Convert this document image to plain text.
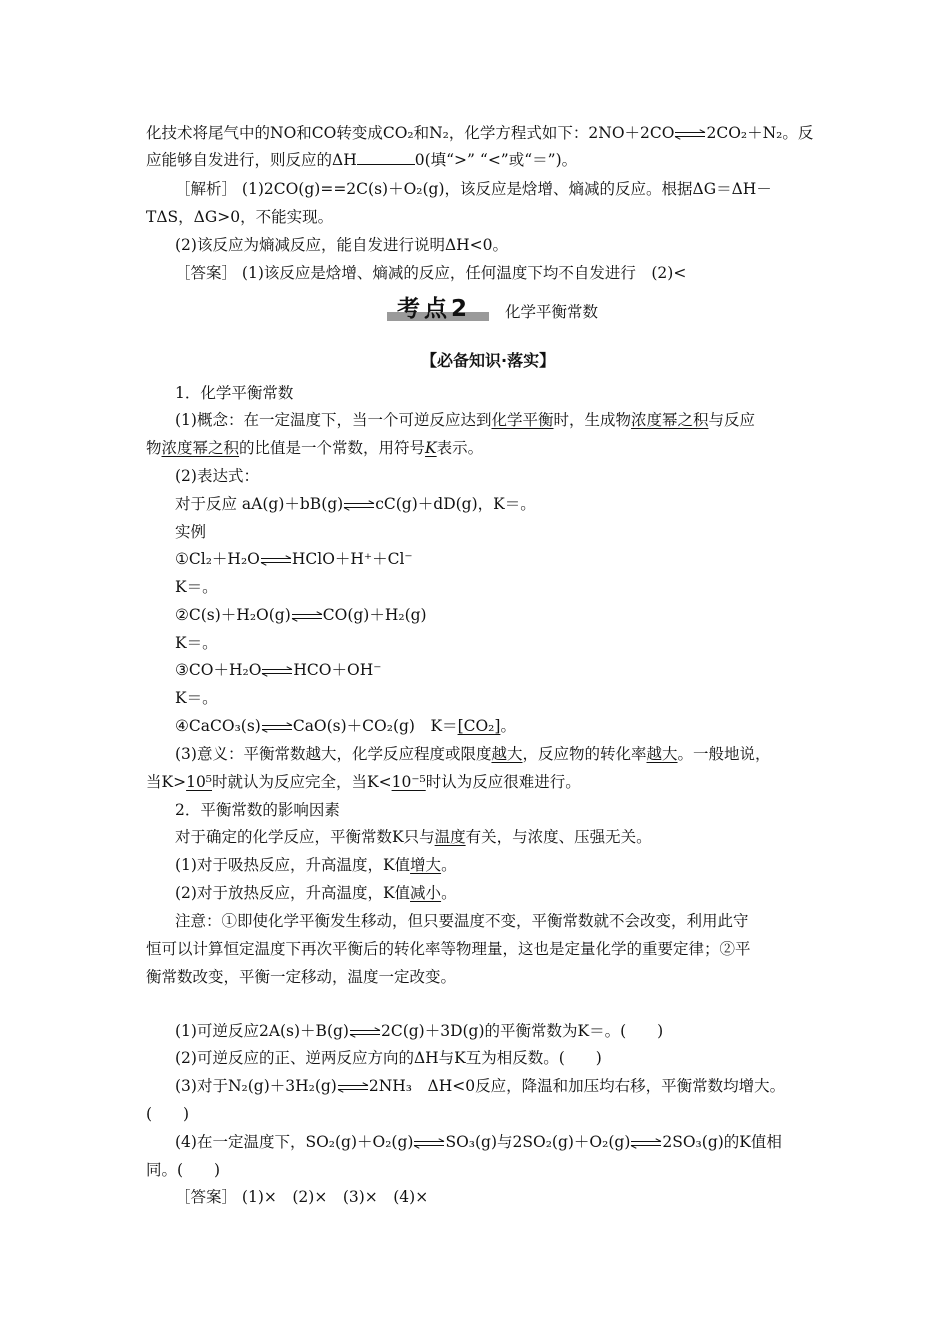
化技术将尾气中的NO和CO转变成CO₂和N₂，化学方程式如下：2NO＋2CO 2CO₂＋N₂。反
应能够自发进行，则反应的ΔH	0(填“>” “<”或“＝”)。
［解析］ (1)2CO(g)==2C(s)＋O₂(g)，该反应是焓增、熵减的反应。根据ΔG＝ΔH－
TΔS，ΔG>0，不能实现。
(2)该反应为熵减反应，能自发进行说明ΔH<0。
［答案］ (1)该反应是焓增、熵减的反应，任何温度下均不自发进行　(2)<
考点2 化学平衡常数
【必备知识·落实】
1．化学平衡常数
(1)概念：在一定温度下，当一个可逆反应达到化学平衡时，生成物浓度幂之积与反应
物浓度幂之积的比值是一个常数，用符号K表示。
(2)表达式：
对于反应 aA(g)＋bB(g) cC(g)＋dD(g)，K＝。
实例
①Cl₂＋H₂O HClO＋H⁺＋Cl⁻
K＝。
②C(s)＋H₂O(g) CO(g)＋H₂(g)
K＝。
③CO＋H₂O HCO＋OH⁻
K＝。
④CaCO₃(s) CaO(s)＋CO₂(g)　K＝[CO₂]。
(3)意义：平衡常数越大，化学反应程度或限度越大，反应物的转化率越大。一般地说，
当K>10⁵时就认为反应完全，当K<10⁻⁵时认为反应很难进行。
2．平衡常数的影响因素
对于确定的化学反应，平衡常数K只与温度有关，与浓度、压强无关。
(1)对于吸热反应，升高温度，K值增大。
(2)对于放热反应，升高温度，K值减小。
注意：①即使化学平衡发生移动，但只要温度不变，平衡常数就不会改变，利用此守
恒可以计算恒定温度下再次平衡后的转化率等物理量，这也是定量化学的重要定律；②平
衡常数改变，平衡一定移动，温度一定改变。
(1)可逆反应2A(s)＋B(g) 2C(g)＋3D(g)的平衡常数为K＝。(　　)
(2)可逆反应的正、逆两反应方向的ΔH与K互为相反数。(　　)
(3)对于N₂(g)＋3H₂(g) 2NH₃　ΔH<0反应，降温和加压均右移，平衡常数均增大。
(　　)
(4)在一定温度下，SO₂(g)＋O₂(g) SO₃(g)与2SO₂(g)＋O₂(g) 2SO₃(g)的K值相
同。(　　)
［答案］ (1)×　(2)×　(3)×　(4)×
